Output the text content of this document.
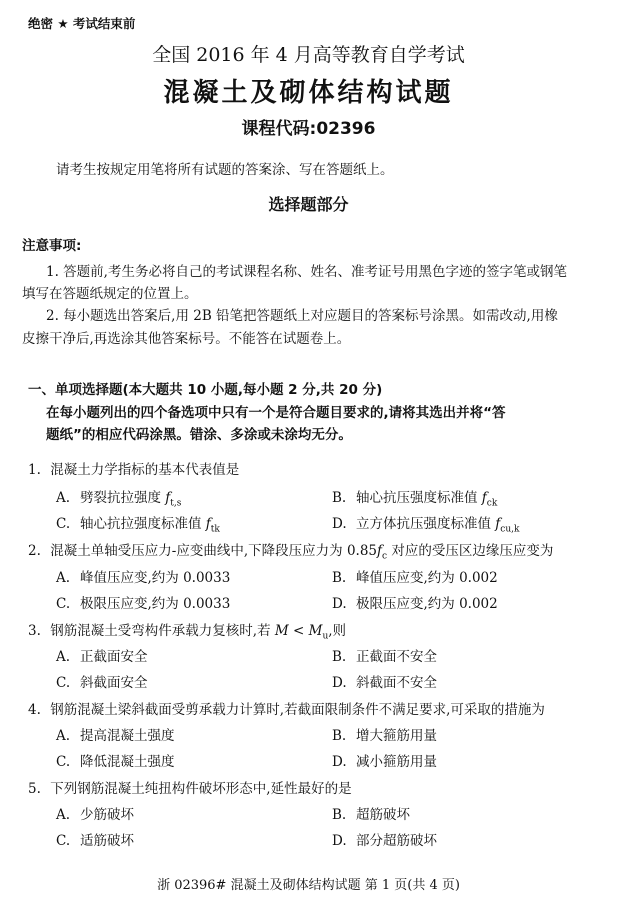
绝密 ★ 考试结束前
全国 2016 年 4 月高等教育自学考试
混凝土及砌体结构试题
课程代码:02396
请考生按规定用笔将所有试题的答案涂、写在答题纸上。
选择题部分
注意事项:
1. 答题前,考生务必将自己的考试课程名称、姓名、准考证号用黑色字迹的签字笔或钢笔
填写在答题纸规定的位置上。
2. 每小题选出答案后,用 2B 铅笔把答题纸上对应题目的答案标号涂黑。如需改动,用橡
皮擦干净后,再选涂其他答案标号。不能答在试题卷上。
一、单项选择题(本大题共 10 小题,每小题 2 分,共 20 分)
在每小题列出的四个备选项中只有一个是符合题目要求的,请将其选出并将“答
题纸”的相应代码涂黑。错涂、多涂或未涂均无分。
1. 混凝土力学指标的基本代表值是
A. 劈裂抗拉强度 $f_{t,s}$	B. 轴心抗压强度标准值 $f_{ck}$
C. 轴心抗拉强度标准值 $f_{tk}$	D. 立方体抗压强度标准值 $f_{cu,k}$
2. 混凝土单轴受压应力-应变曲线中,下降段压应力为 $0.85f_c$ 对应的受压区边缘压应变为
A. 峰值压应变,约为 0.0033	B. 峰值压应变,约为 0.002
C. 极限压应变,约为 0.0033	D. 极限压应变,约为 0.002
3. 钢筋混凝土受弯构件承载力复核时,若 $M < M_u$,则
A. 正截面安全	B. 正截面不安全
C. 斜截面安全	D. 斜截面不安全
4. 钢筋混凝土梁斜截面受剪承载力计算时,若截面限制条件不满足要求,可采取的措施为
A. 提高混凝土强度	B. 增大箍筋用量
C. 降低混凝土强度	D. 减小箍筋用量
5. 下列钢筋混凝土纯扭构件破坏形态中,延性最好的是
A. 少筋破坏	B. 超筋破坏
C. 适筋破坏	D. 部分超筋破坏
浙 02396# 混凝土及砌体结构试题 第 1 页(共 4 页)
